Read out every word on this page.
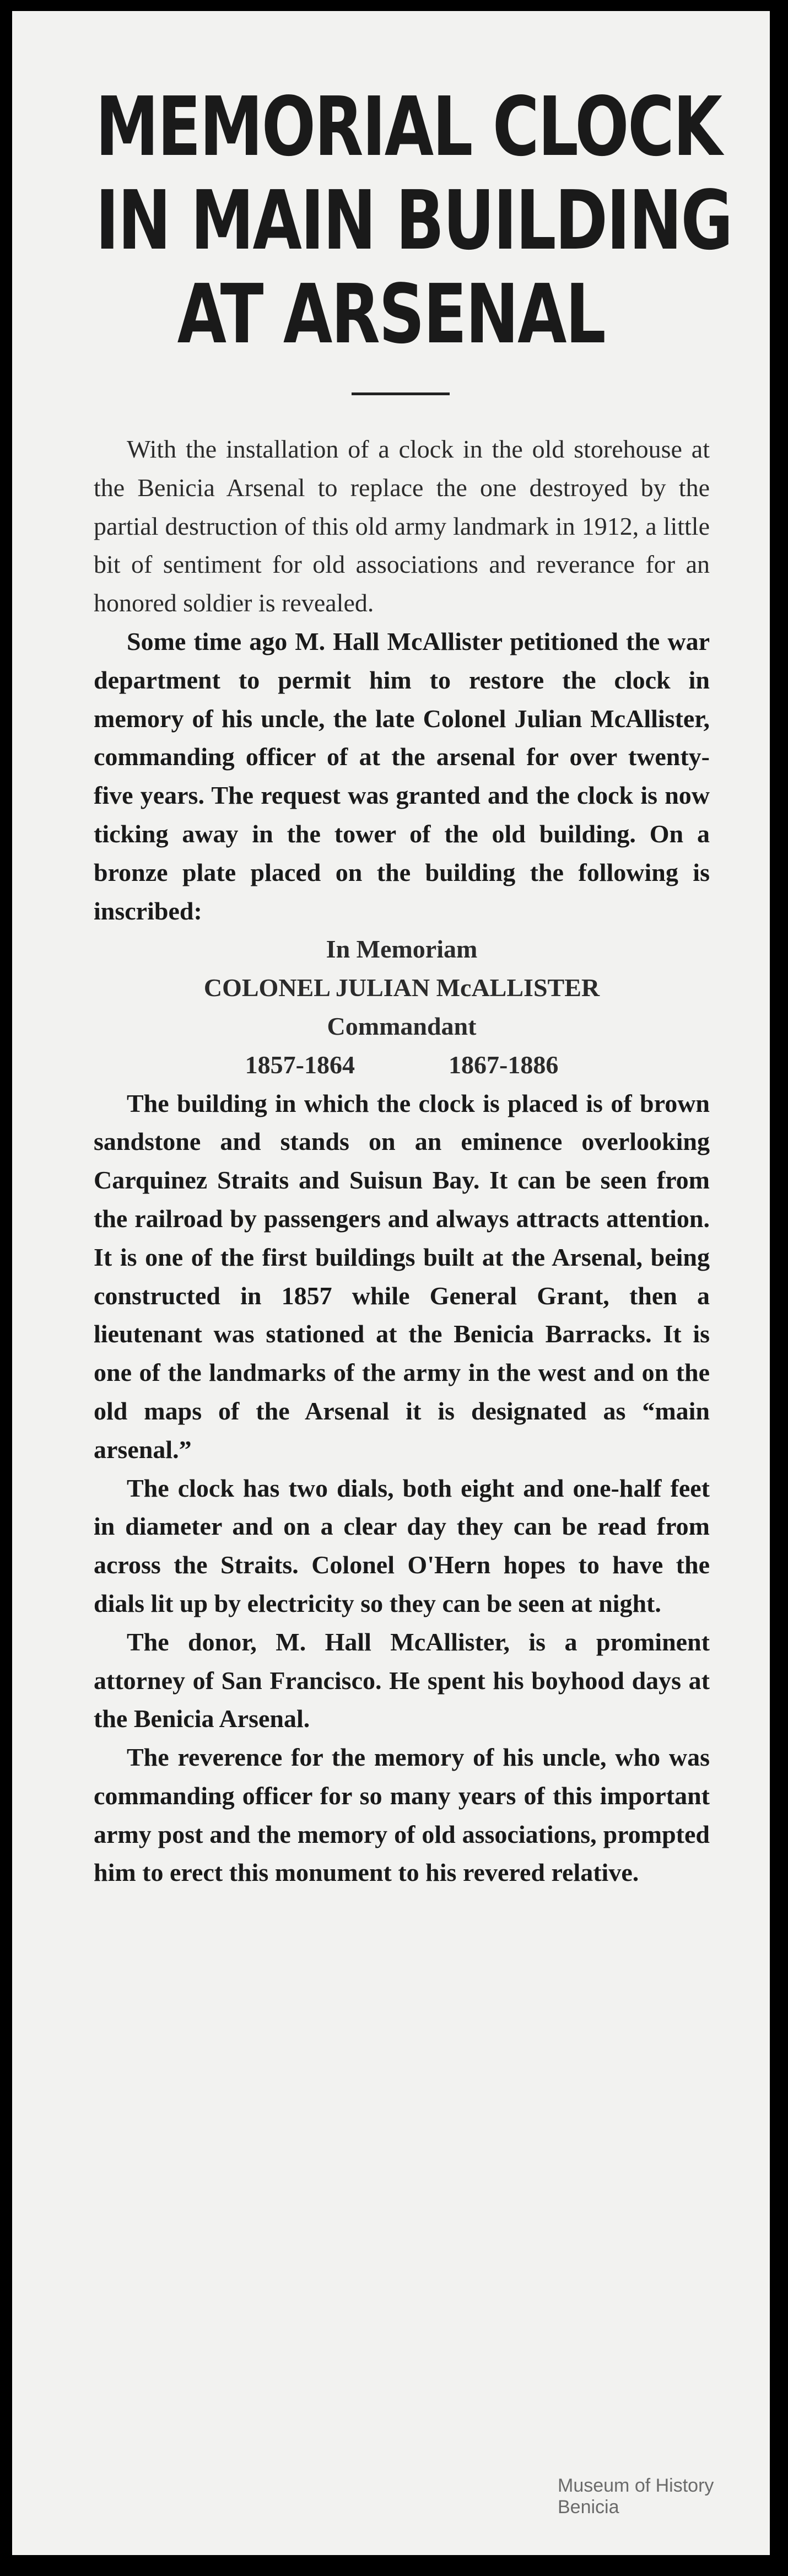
MEMORIAL CLOCK
IN MAIN BUILDING
AT ARSENAL

With the installation of a clock in the old storehouse at the Benicia Arsenal to replace the one destroyed by the partial destruction of this old army landmark in 1912, a little bit of sentiment for old associations and reverance for an honored soldier is revealed.

Some time ago M. Hall McAllister petitioned the war department to permit him to restore the clock in memory of his uncle, the late Colonel Julian McAllister, commanding officer of at the arsenal for over twenty-five years. The request was granted and the clock is now ticking away in the tower of the old building. On a bronze plate placed on the building the following is inscribed:

In Memoriam
COLONEL JULIAN McALLISTER
Commandant
1857-1864	1867-1886

The building in which the clock is placed is of brown sandstone and stands on an eminence overlooking Carquinez Straits and Suisun Bay. It can be seen from the railroad by passengers and always attracts attention. It is one of the first buildings built at the Arsenal, being constructed in 1857 while General Grant, then a lieutenant was stationed at the Benicia Barracks. It is one of the landmarks of the army in the west and on the old maps of the Arsenal it is designated as “main arsenal.”

The clock has two dials, both eight and one-half feet in diameter and on a clear day they can be read from across the Straits. Colonel O'Hern hopes to have the dials lit up by electricity so they can be seen at night.

The donor, M. Hall McAllister, is a prominent attorney of San Francisco. He spent his boyhood days at the Benicia Arsenal.

The reverence for the memory of his uncle, who was commanding officer for so many years of this important army post and the memory of old associations, prompted him to erect this monument to his revered relative.

Museum of History Benicia
